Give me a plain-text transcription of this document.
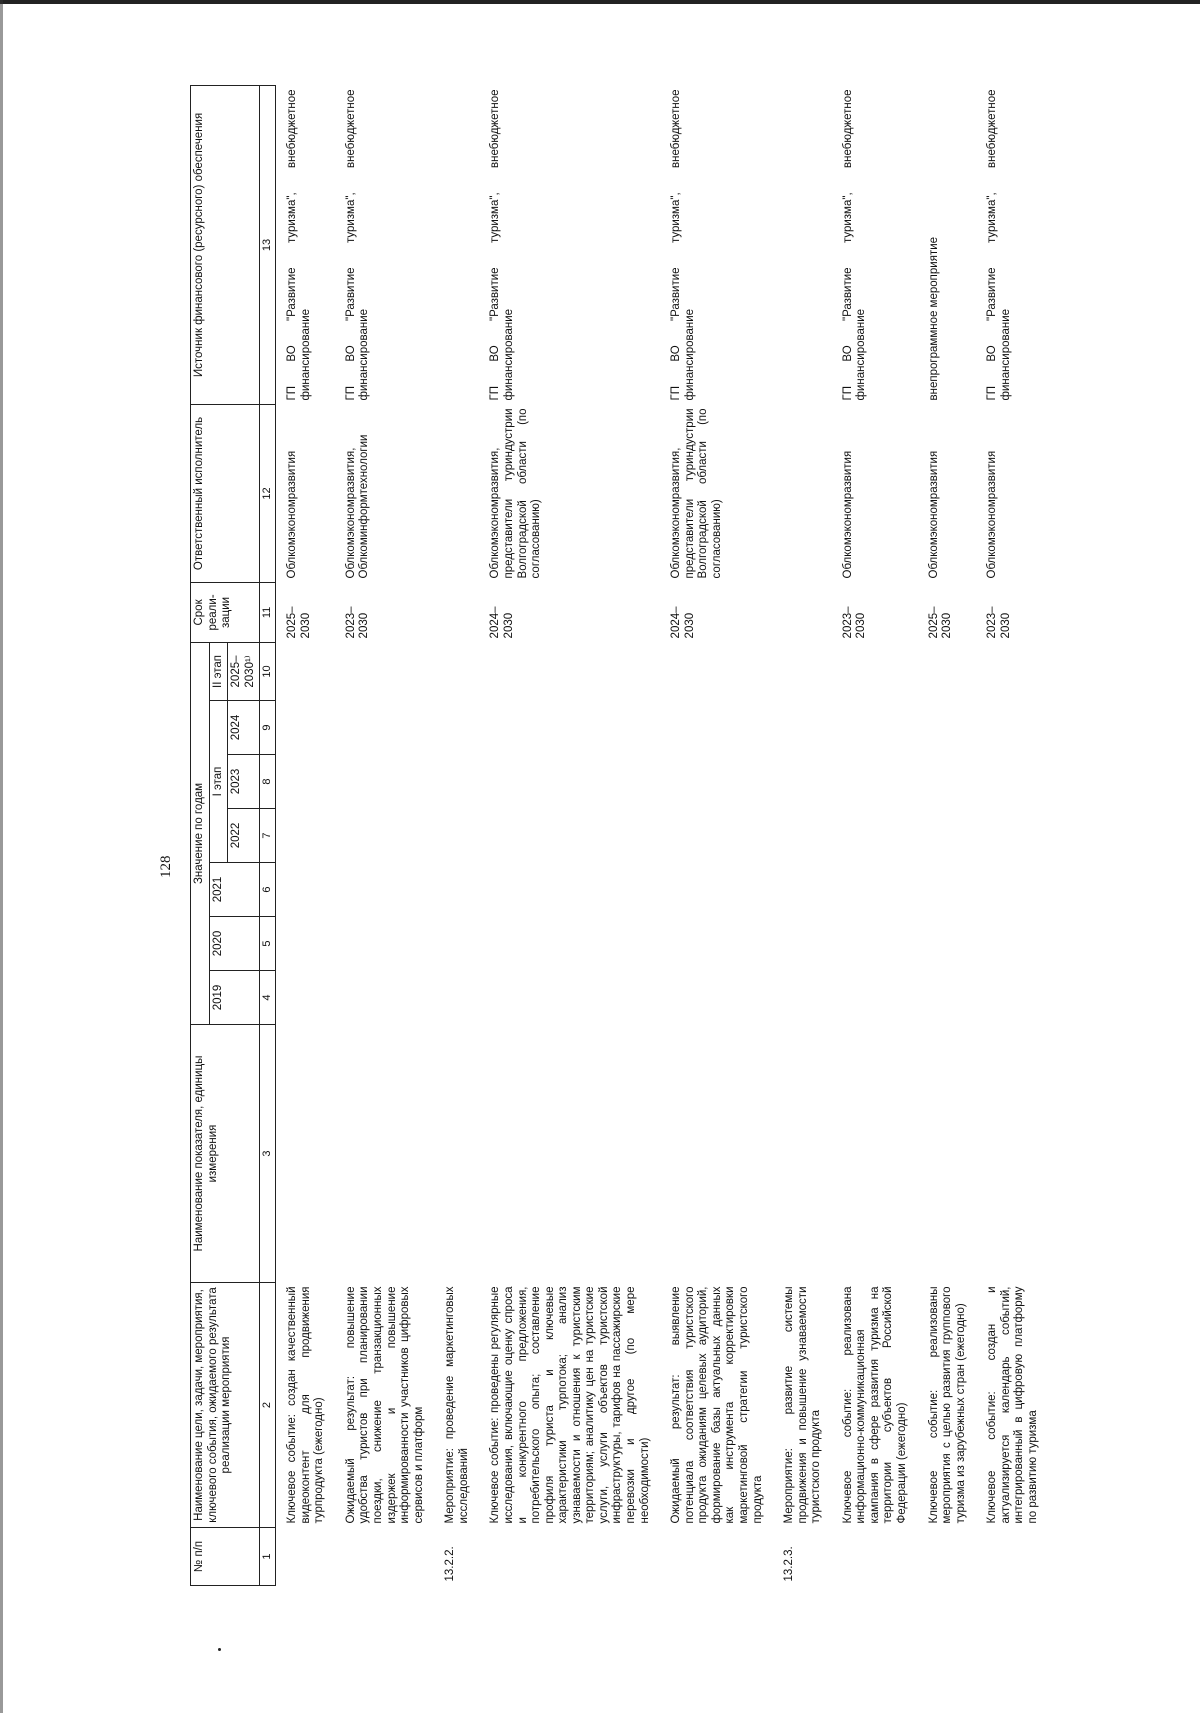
128
№ п/п	Наименование цели, задачи, мероприятия, ключевого события, ожидаемого результата реализации мероприятия	Наименование показателя, единицы измерения	Значение по годам							Срок реали-зации	Ответственный исполнитель	Источник финансового (ресурсного) обеспечения
			2019	2020	2021	I этап			II этап			
						2022	2023	2024	2025–2030¹⁾			
1	2	3	4	5	6	7	8	9	10	11	12	13
	Ключевое событие: создан качественный видеоконтент для продвижения турпродукта (ежегодно)									2025–2030	Облкомэкономразвития	ГП ВО "Развитие туризма", внебюджетное финансирование
	Ожидаемый результат: повышение удобства туристов при планировании поездки, снижение транзакционных издержек и повышение информированности участников цифровых сервисов и платформ									2023–2030	Облкомэкономразвития, Облкоминформтехнологии	ГП ВО "Развитие туризма", внебюджетное финансирование
13.2.2.	Мероприятие: проведение маркетинговых исследований											
	Ключевое событие: проведены регулярные исследования, включающие оценку спроса и конкурентного предложения, потребительского опыта; составление профиля туриста и ключевые характеристики турпотока; анализ узнаваемости и отношения к туристским территориям; аналитику цен на туристские услуги, услуги объектов туристской инфраструктуры, тарифов на пассажирские перевозки и другое (по мере необходимости)									2024–2030	Облкомэкономразвития, представители туриндустрии Волгоградской области (по согласованию)	ГП ВО "Развитие туризма", внебюджетное финансирование
	Ожидаемый результат: выявление потенциала соответствия туристского продукта ожиданиям целевых аудиторий, формирование базы актуальных данных как инструмента корректировки маркетинговой стратегии туристского продукта									2024–2030	Облкомэкономразвития, представители туриндустрии Волгоградской области (по согласованию)	ГП ВО "Развитие туризма", внебюджетное финансирование
13.2.3.	Мероприятие: развитие системы продвижения и повышение узнаваемости туристского продукта											
	Ключевое событие: реализована информационно-коммуникационная кампания в сфере развития туризма на территории субъектов Российской Федерации (ежегодно)									2023–2030	Облкомэкономразвития	ГП ВО "Развитие туризма", внебюджетное финансирование
	Ключевое событие: реализованы мероприятия с целью развития группового туризма из зарубежных стран (ежегодно)									2025–2030	Облкомэкономразвития	внепрограммное мероприятие
	Ключевое событие: создан и актуализируется календарь событий, интегрированный в цифровую платформу по развитию туризма									2023–2030	Облкомэкономразвития	ГП ВО "Развитие туризма", внебюджетное финансирование
